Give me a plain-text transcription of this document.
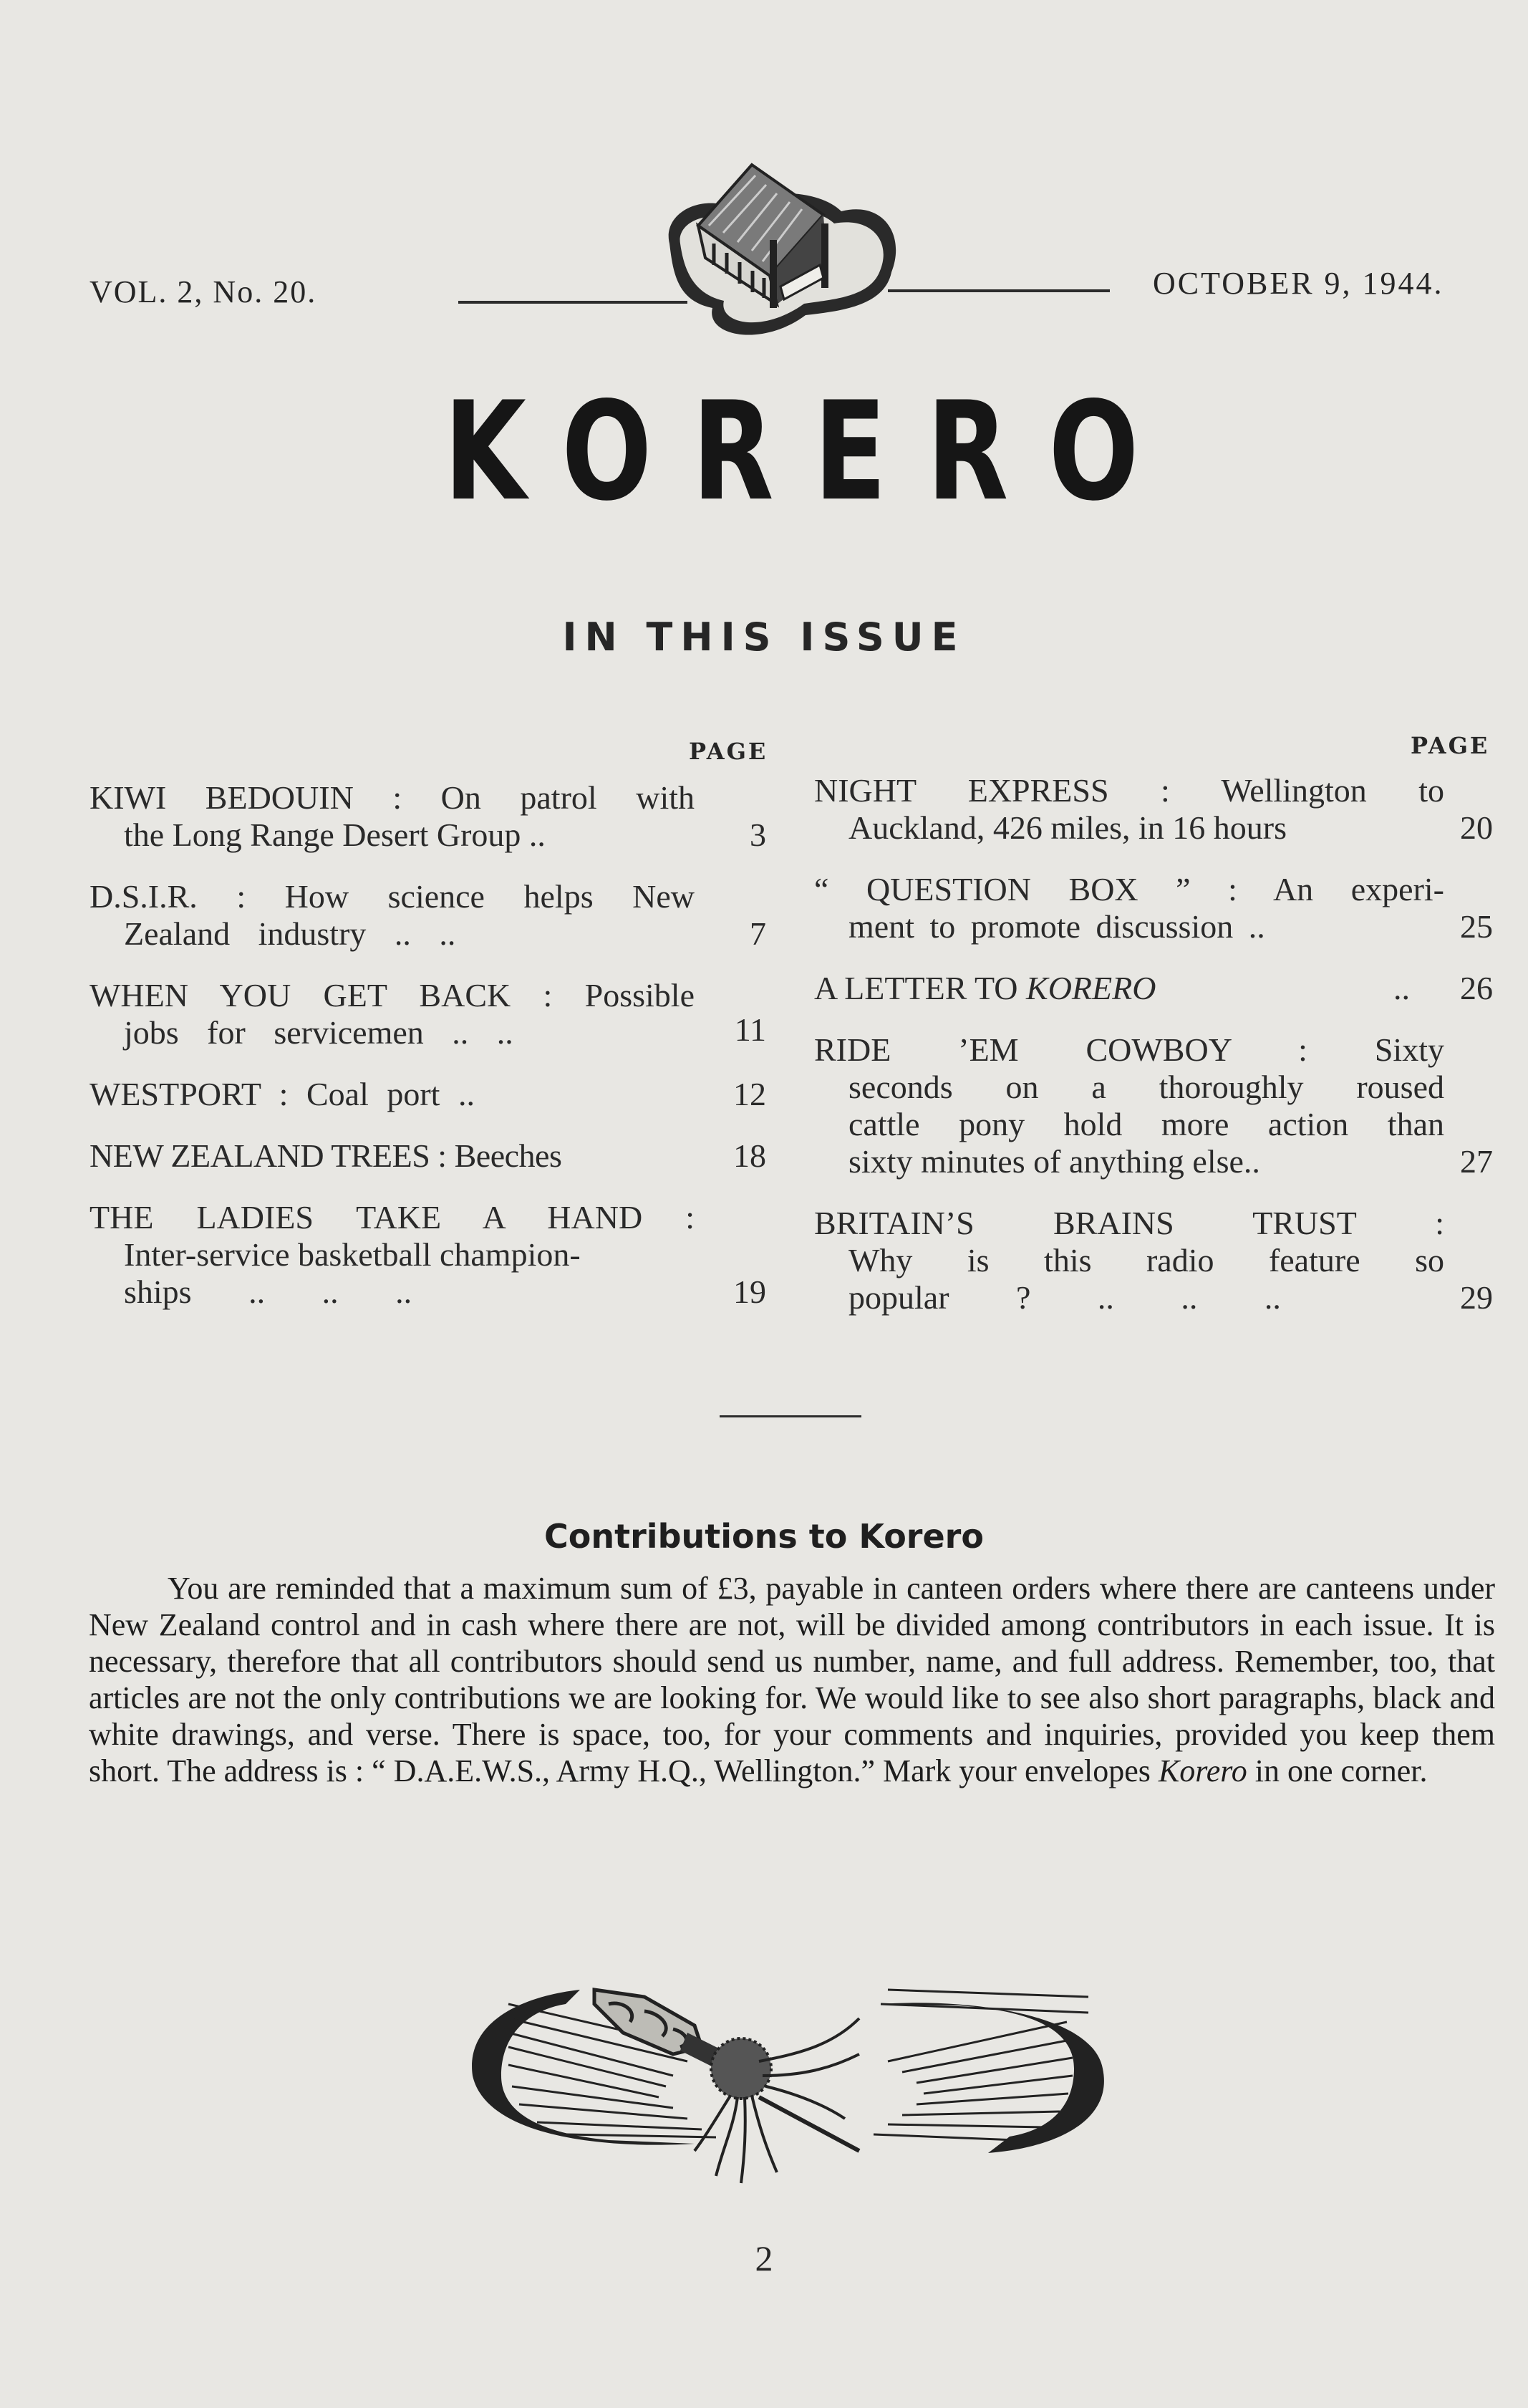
VOL. 2, No. 20.
KORERO
OCTOBER 9, 1944.
IN THIS ISSUE
PAGE
KIWI BEDOUIN : On patrol with
the Long Range Desert Group ..	3
D.S.I.R. : How science helps New
Zealand industry .. ..	7
WHEN YOU GET BACK : Possible
jobs for servicemen .. ..	11
WESTPORT : Coal port ..	12
NEW ZEALAND TREES : Beeches	18
THE LADIES TAKE A HAND :
Inter-service basketball champion-
ships .. .. ..	19
PAGE
NIGHT EXPRESS : Wellington to
Auckland, 426 miles, in 16 hours	20
“ QUESTION BOX ” : An experi-
ment to promote discussion ..	25
A LETTER TO KORERO	..	26
RIDE ’EM COWBOY : Sixty
seconds on a thoroughly roused
cattle pony hold more action than
sixty minutes of anything else..	27
BRITAIN’S BRAINS TRUST :
Why is this radio feature so
popular ? .. .. ..	29
Contributions to Korero

You are reminded that a maximum sum of £3, payable in canteen orders where there are canteens under New Zealand control and in cash where there are not, will be divided among contributors in each issue. It is necessary, therefore that all contributors should send us number, name, and full address. Remember, too, that articles are not the only contributions we are looking for. We would like to see also short paragraphs, black and white drawings, and verse. There is space, too, for your comments and inquiries, provided you keep them short. The address is : “ D.A.E.W.S., Army H.Q., Wellington.” Mark your envelopes Korero in one corner.

2
